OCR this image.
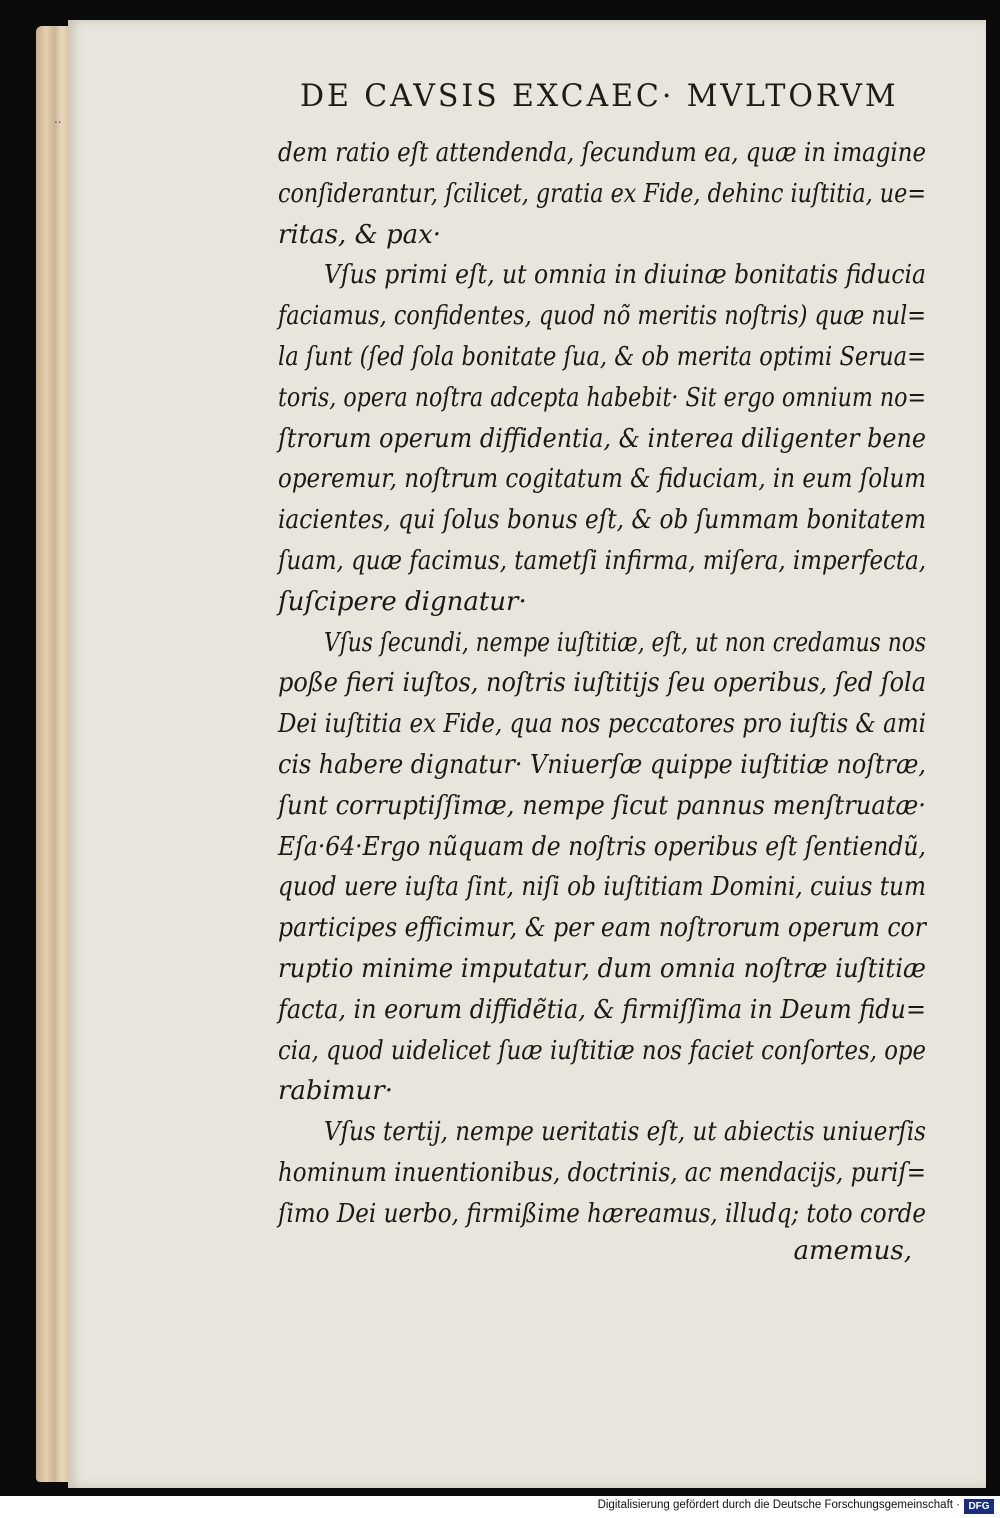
..
DE CAVSIS EXCAEC· MVLTORVM
dem ratio eſt attendenda, ſecundum ea, quæ in imagine
conſiderantur, ſcilicet, gratia ex Fide, dehinc iuſtitia, ue=
ritas, & pax·
Vſus primi eſt, ut omnia in diuinæ bonitatis fiducia
faciamus, confidentes, quod nõ meritis noſtris) quæ nul=
la ſunt (ſed ſola bonitate ſua, & ob merita optimi Serua=
toris, opera noſtra adcepta habebit· Sit ergo omnium no=
ſtrorum operum diffidentia, & interea diligenter bene
operemur, noſtrum cogitatum & fiduciam, in eum ſolum
iacientes, qui ſolus bonus eſt, & ob ſummam bonitatem
ſuam, quæ facimus, tametſi infirma, miſera, imperfecta,
ſuſcipere dignatur·
Vſus ſecundi, nempe iuſtitiæ, eſt, ut non credamus nos
poße fieri iuſtos, noſtris iuſtitijs ſeu operibus, ſed ſola
Dei iuſtitia ex Fide, qua nos peccatores pro iuſtis & ami
cis habere dignatur· Vniuerſæ quippe iuſtitiæ noſtræ,
ſunt corruptiſſimæ, nempe ſicut pannus menſtruatæ·
Eſa·64·Ergo nũquam de noſtris operibus eſt ſentiendũ,
quod uere iuſta ſint, niſi ob iuſtitiam Domini, cuius tum
participes efficimur, & per eam noſtrorum operum cor
ruptio minime imputatur, dum omnia noſtræ iuſtitiæ
facta, in eorum diffidẽtia, & firmiſſima in Deum fidu=
cia, quod uidelicet ſuæ iuſtitiæ nos faciet conſortes, ope
rabimur·
Vſus tertij, nempe ueritatis eſt, ut abiectis uniuerſis
hominum inuentionibus, doctrinis, ac mendacijs, puriſ=
ſimo Dei uerbo, firmißime hæreamus, illudq; toto corde
amemus,
Digitalisierung gefördert durch die Deutsche Forschungsgemeinschaft · DFG
